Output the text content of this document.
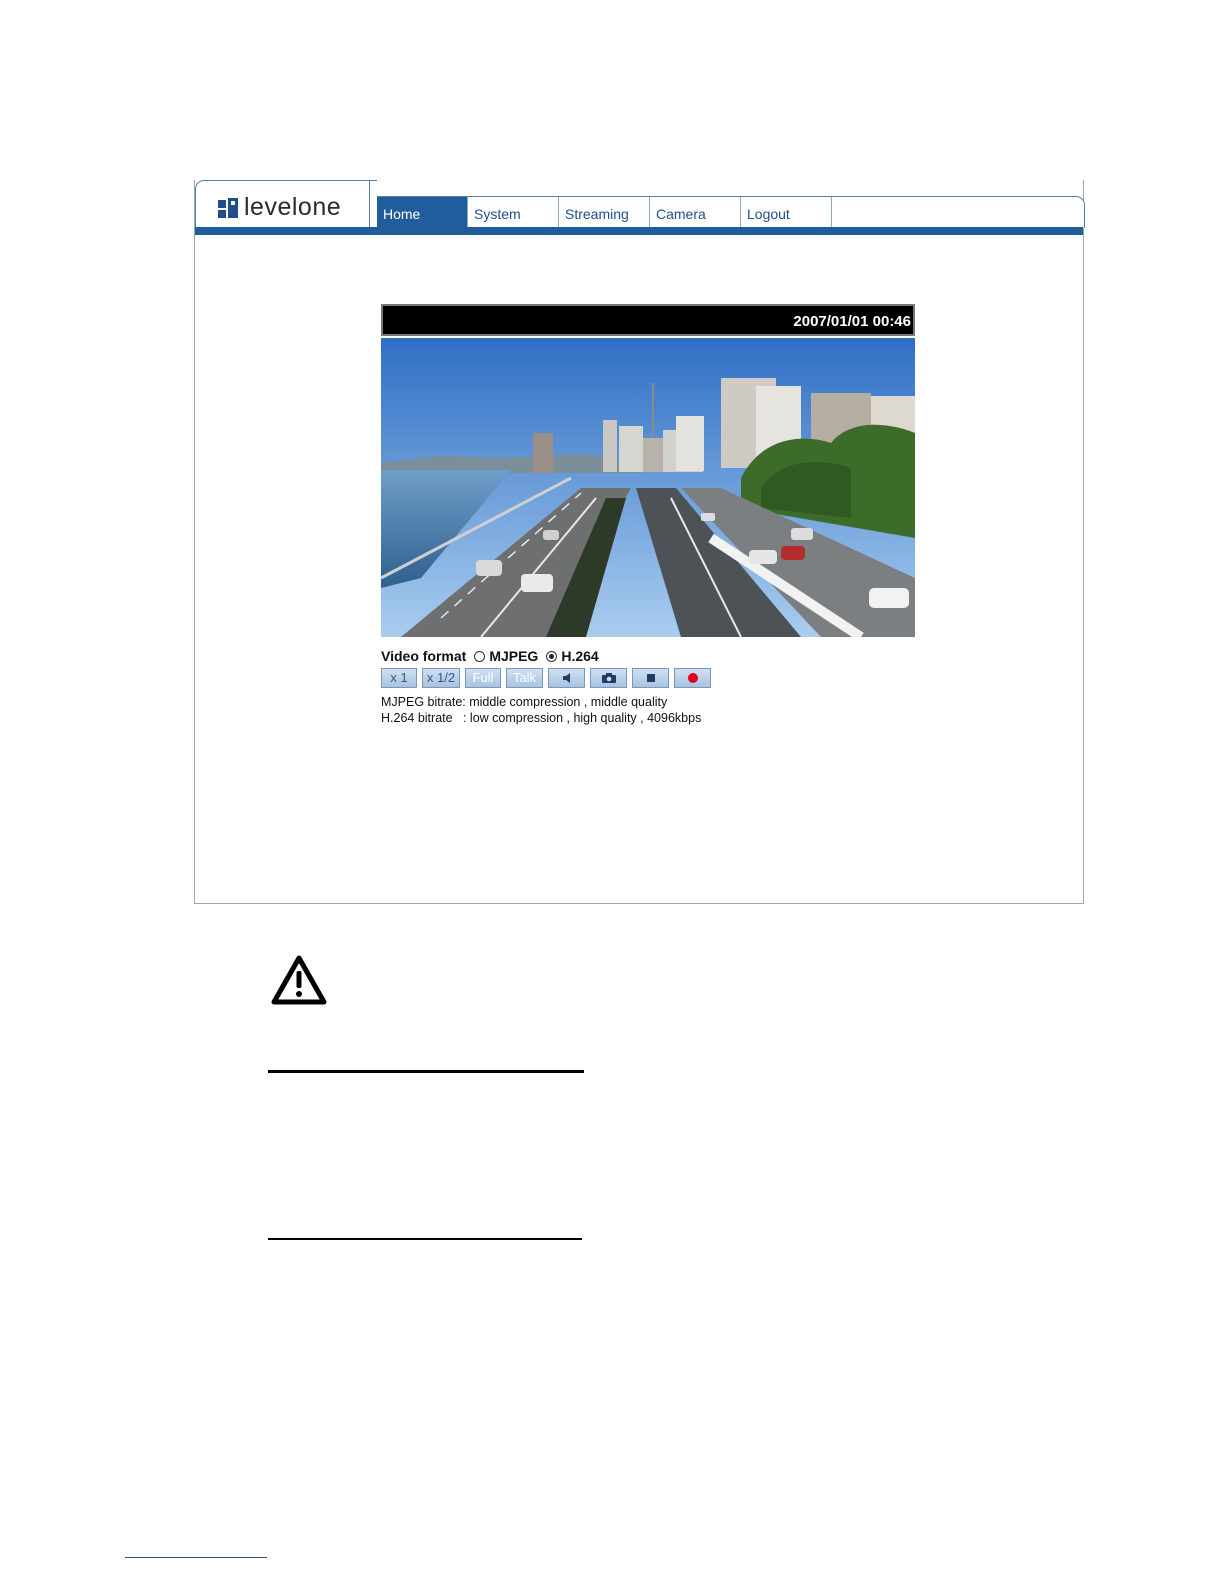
levelone	Home	System	Streaming	Camera	Logout
2007/01/01 00:46
Video format MJPEG H.264
x 1 x 1/2 Full Talk
MJPEG bitrate: middle compression , middle quality
H.264 bitrate   : low compression , high quality , 4096kbps
